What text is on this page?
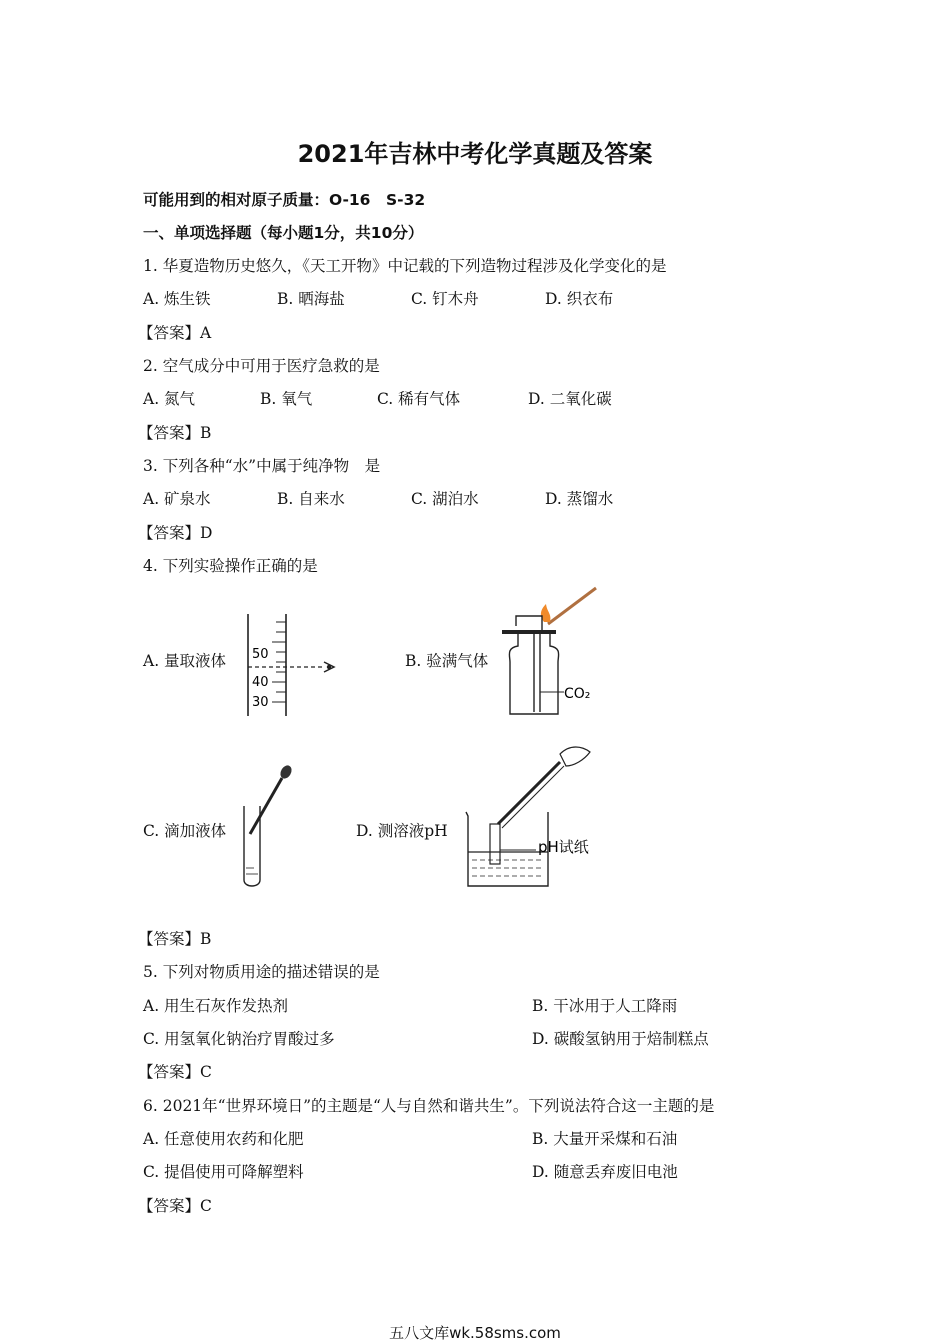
2021年吉林中考化学真题及答案
可能用到的相对原子质量：O-16　S-32
一、单项选择题（每小题1分，共10分）
1. 华夏造物历史悠久，《天工开物》中记载的下列造物过程涉及化学变化的是
A. 炼生铁	B. 晒海盐	C. 钉木舟	D. 织衣布
【答案】A
2. 空气成分中可用于医疗急救的是
A. 氮气	B. 氧气	C. 稀有气体	D. 二氧化碳
【答案】B
3. 下列各种“水”中属于纯净物　是
A. 矿泉水	B. 自来水	C. 湖泊水	D. 蒸馏水
【答案】D
4. 下列实验操作正确的是
A. 量取液体 50
40
30
B. 验满气体
CO₂
C. 滴加液体	D. 测溶液pH
pH试纸
【答案】B
5. 下列对物质用途的描述错误的是
A. 用生石灰作发热剂	B. 干冰用于人工降雨
C. 用氢氧化钠治疗胃酸过多	D. 碳酸氢钠用于焙制糕点
【答案】C
6. 2021年“世界环境日”的主题是“人与自然和谐共生”。下列说法符合这一主题的是
A. 任意使用农药和化肥	B. 大量开采煤和石油
C. 提倡使用可降解塑料	D. 随意丢弃废旧电池
【答案】C
五八文库wk.58sms.com
